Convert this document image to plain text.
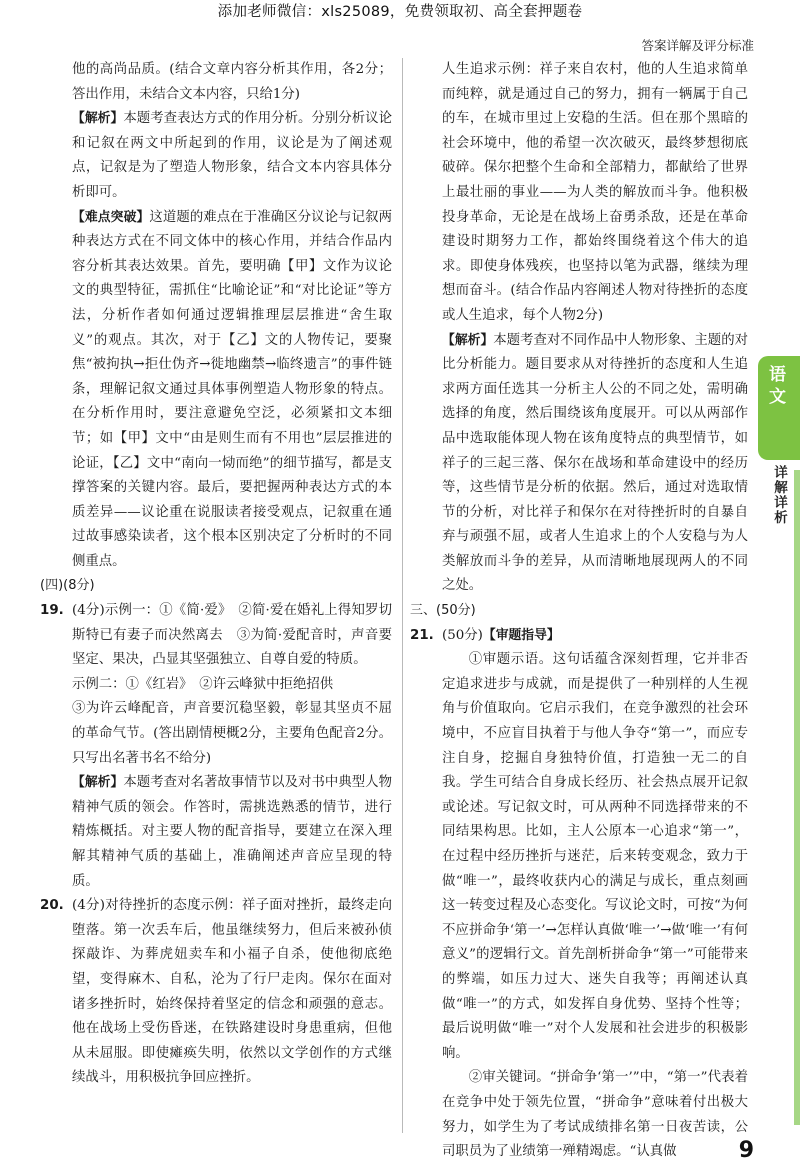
添加老师微信：xls25089，免费领取初、高全套押题卷
答案详解及评分标准

他的高尚品质。(结合文章内容分析其作用，各2分；答出作用，未结合文本内容，只给1分)

【解析】本题考查表达方式的作用分析。分别分析议论和记叙在两文中所起到的作用，议论是为了阐述观点，记叙是为了塑造人物形象，结合文本内容具体分析即可。

【难点突破】这道题的难点在于准确区分议论与记叙两种表达方式在不同文体中的核心作用，并结合作品内容分析其表达效果。首先，要明确【甲】文作为议论文的典型特征，需抓住“比喻论证”和“对比论证”等方法，分析作者如何通过逻辑推理层层推进“舍生取义”的观点。其次，对于【乙】文的人物传记，要聚焦“被拘执→拒仕伪齐→徙地幽禁→临终遗言”的事件链条，理解记叙文通过具体事例塑造人物形象的特点。在分析作用时，要注意避免空泛，必须紧扣文本细节；如【甲】文中“由是则生而有不用也”层层推进的论证，【乙】文中“南向一恸而绝”的细节描写，都是支撑答案的关键内容。最后，要把握两种表达方式的本质差异——议论重在说服读者接受观点，记叙重在通过故事感染读者，这个根本区别决定了分析时的不同侧重点。

(四)(8分)

19. (4分)示例一：①《简·爱》　②简·爱在婚礼上得知罗切斯特已有妻子而决然离去　③为简·爱配音时，声音要坚定、果决，凸显其坚强独立、自尊自爱的特质。

示例二：①《红岩》　②许云峰狱中拒绝招供

③为许云峰配音，声音要沉稳坚毅，彰显其坚贞不屈的革命气节。(答出剧情梗概2分，主要角色配音2分。只写出名著书名不给分)

【解析】本题考查对名著故事情节以及对书中典型人物精神气质的领会。作答时，需挑选熟悉的情节，进行精炼概括。对主要人物的配音指导，要建立在深入理解其精神气质的基础上，准确阐述声音应呈现的特质。

20. (4分)对待挫折的态度示例：祥子面对挫折，最终走向堕落。第一次丢车后，他虽继续努力，但后来被孙侦探敲诈、为葬虎妞卖车和小福子自杀，使他彻底绝望，变得麻木、自私，沦为了行尸走肉。保尔在面对诸多挫折时，始终保持着坚定的信念和顽强的意志。他在战场上受伤昏迷，在铁路建设时身患重病，但他从未屈服。即使瘫痪失明，依然以文学创作的方式继续战斗，用积极抗争回应挫折。

人生追求示例：祥子来自农村，他的人生追求简单而纯粹，就是通过自己的努力，拥有一辆属于自己的车，在城市里过上安稳的生活。但在那个黑暗的社会环境中，他的希望一次次破灭，最终梦想彻底破碎。保尔把整个生命和全部精力，都献给了世界上最壮丽的事业——为人类的解放而斗争。他积极投身革命，无论是在战场上奋勇杀敌，还是在革命建设时期努力工作，都始终围绕着这个伟大的追求。即使身体残疾，也坚持以笔为武器，继续为理想而奋斗。(结合作品内容阐述人物对待挫折的态度或人生追求，每个人物2分)

【解析】本题考查对不同作品中人物形象、主题的对比分析能力。题目要求从对待挫折的态度和人生追求两方面任选其一分析主人公的不同之处，需明确选择的角度，然后围绕该角度展开。可以从两部作品中选取能体现人物在该角度特点的典型情节，如祥子的三起三落、保尔在战场和革命建设中的经历等，这些情节是分析的依据。然后，通过对选取情节的分析，对比祥子和保尔在对待挫折时的自暴自弃与顽强不屈，或者人生追求上的个人安稳与为人类解放而斗争的差异，从而清晰地展现两人的不同之处。

三、(50分)

21. (50分)【审题指导】

①审题示语。这句话蕴含深刻哲理，它并非否定追求进步与成就，而是提供了一种别样的人生视角与价值取向。它启示我们，在竞争激烈的社会环境中，不应盲目执着于与他人争夺“第一”，而应专注自身，挖掘自身独特价值，打造独一无二的自我。学生可结合自身成长经历、社会热点展开记叙或论述。写记叙文时，可从两种不同选择带来的不同结果构思。比如，主人公原本一心追求“第一”，在过程中经历挫折与迷茫，后来转变观念，致力于做“唯一”，最终收获内心的满足与成长，重点刻画这一转变过程及心态变化。写议论文时，可按“为何不应拼命争‘第一’→怎样认真做‘唯一’→做‘唯一’有何意义”的逻辑行文。首先剖析拼命争“第一”可能带来的弊端，如压力过大、迷失自我等；再阐述认真做“唯一”的方式，如发挥自身优势、坚持个性等；最后说明做“唯一”对个人发展和社会进步的积极影响。

②审关键词。“拼命争‘第一’”中，“第一”代表着在竞争中处于领先位置，“拼命争”意味着付出极大努力，如学生为了考试成绩排名第一日夜苦读，公司职员为了业绩第一殚精竭虑。“认真做

语文
详解详析
9
